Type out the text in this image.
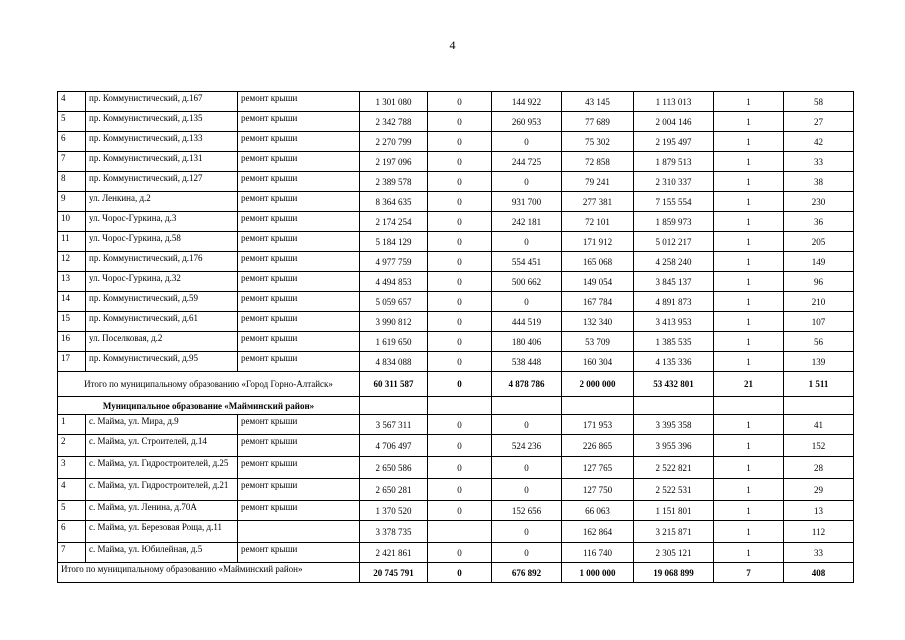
4
4	пр. Коммунистический, д.167	ремонт крыши	1 301 080	0	144 922	43 145	1 113 013	1	58
5	пр. Коммунистический, д.135	ремонт крыши	2 342 788	0	260 953	77 689	2 004 146	1	27
6	пр. Коммунистический, д.133	ремонт крыши	2 270 799	0	0	75 302	2 195 497	1	42
7	пр. Коммунистический, д.131	ремонт крыши	2 197 096	0	244 725	72 858	1 879 513	1	33
8	пр. Коммунистический, д.127	ремонт крыши	2 389 578	0	0	79 241	2 310 337	1	38
9	ул. Ленкина, д.2	ремонт крыши	8 364 635	0	931 700	277 381	7 155 554	1	230
10	ул. Чорос-Гуркина, д.3	ремонт крыши	2 174 254	0	242 181	72 101	1 859 973	1	36
11	ул. Чорос-Гуркина, д.58	ремонт крыши	5 184 129	0	0	171 912	5 012 217	1	205
12	пр. Коммунистический, д.176	ремонт крыши	4 977 759	0	554 451	165 068	4 258 240	1	149
13	ул. Чорос-Гуркина, д.32	ремонт крыши	4 494 853	0	500 662	149 054	3 845 137	1	96
14	пр. Коммунистический, д.59	ремонт крыши	5 059 657	0	0	167 784	4 891 873	1	210
15	пр. Коммунистический, д.61	ремонт крыши	3 990 812	0	444 519	132 340	3 413 953	1	107
16	ул. Поселковая, д.2	ремонт крыши	1 619 650	0	180 406	53 709	1 385 535	1	56
17	пр. Коммунистический, д.95	ремонт крыши	4 834 088	0	538 448	160 304	4 135 336	1	139
Итого по муниципальному образованию «Город Горно-Алтайск»			60 311 587	0	4 878 786	2 000 000	53 432 801	21	1 511
Муниципальное образование «Майминский район»									
1	с. Майма, ул. Мира, д.9	ремонт крыши	3 567 311	0	0	171 953	3 395 358	1	41
2	с. Майма, ул. Строителей, д.14	ремонт крыши	4 706 497	0	524 236	226 865	3 955 396	1	152
3	с. Майма, ул. Гидростроителей, д.25	ремонт крыши	2 650 586	0	0	127 765	2 522 821	1	28
4	с. Майма, ул. Гидростроителей, д.21	ремонт крыши	2 650 281	0	0	127 750	2 522 531	1	29
5	с. Майма, ул. Ленина, д.70А	ремонт крыши	1 370 520	0	152 656	66 063	1 151 801	1	13
6	с. Майма, ул. Березовая Роща, д.11		3 378 735		0	162 864	3 215 871	1	112
7	с. Майма, ул. Юбилейная, д.5	ремонт крыши	2 421 861	0	0	116 740	2 305 121	1	33
Итого по муниципальному образованию «Майминский район»			20 745 791	0	676 892	1 000 000	19 068 899	7	408
